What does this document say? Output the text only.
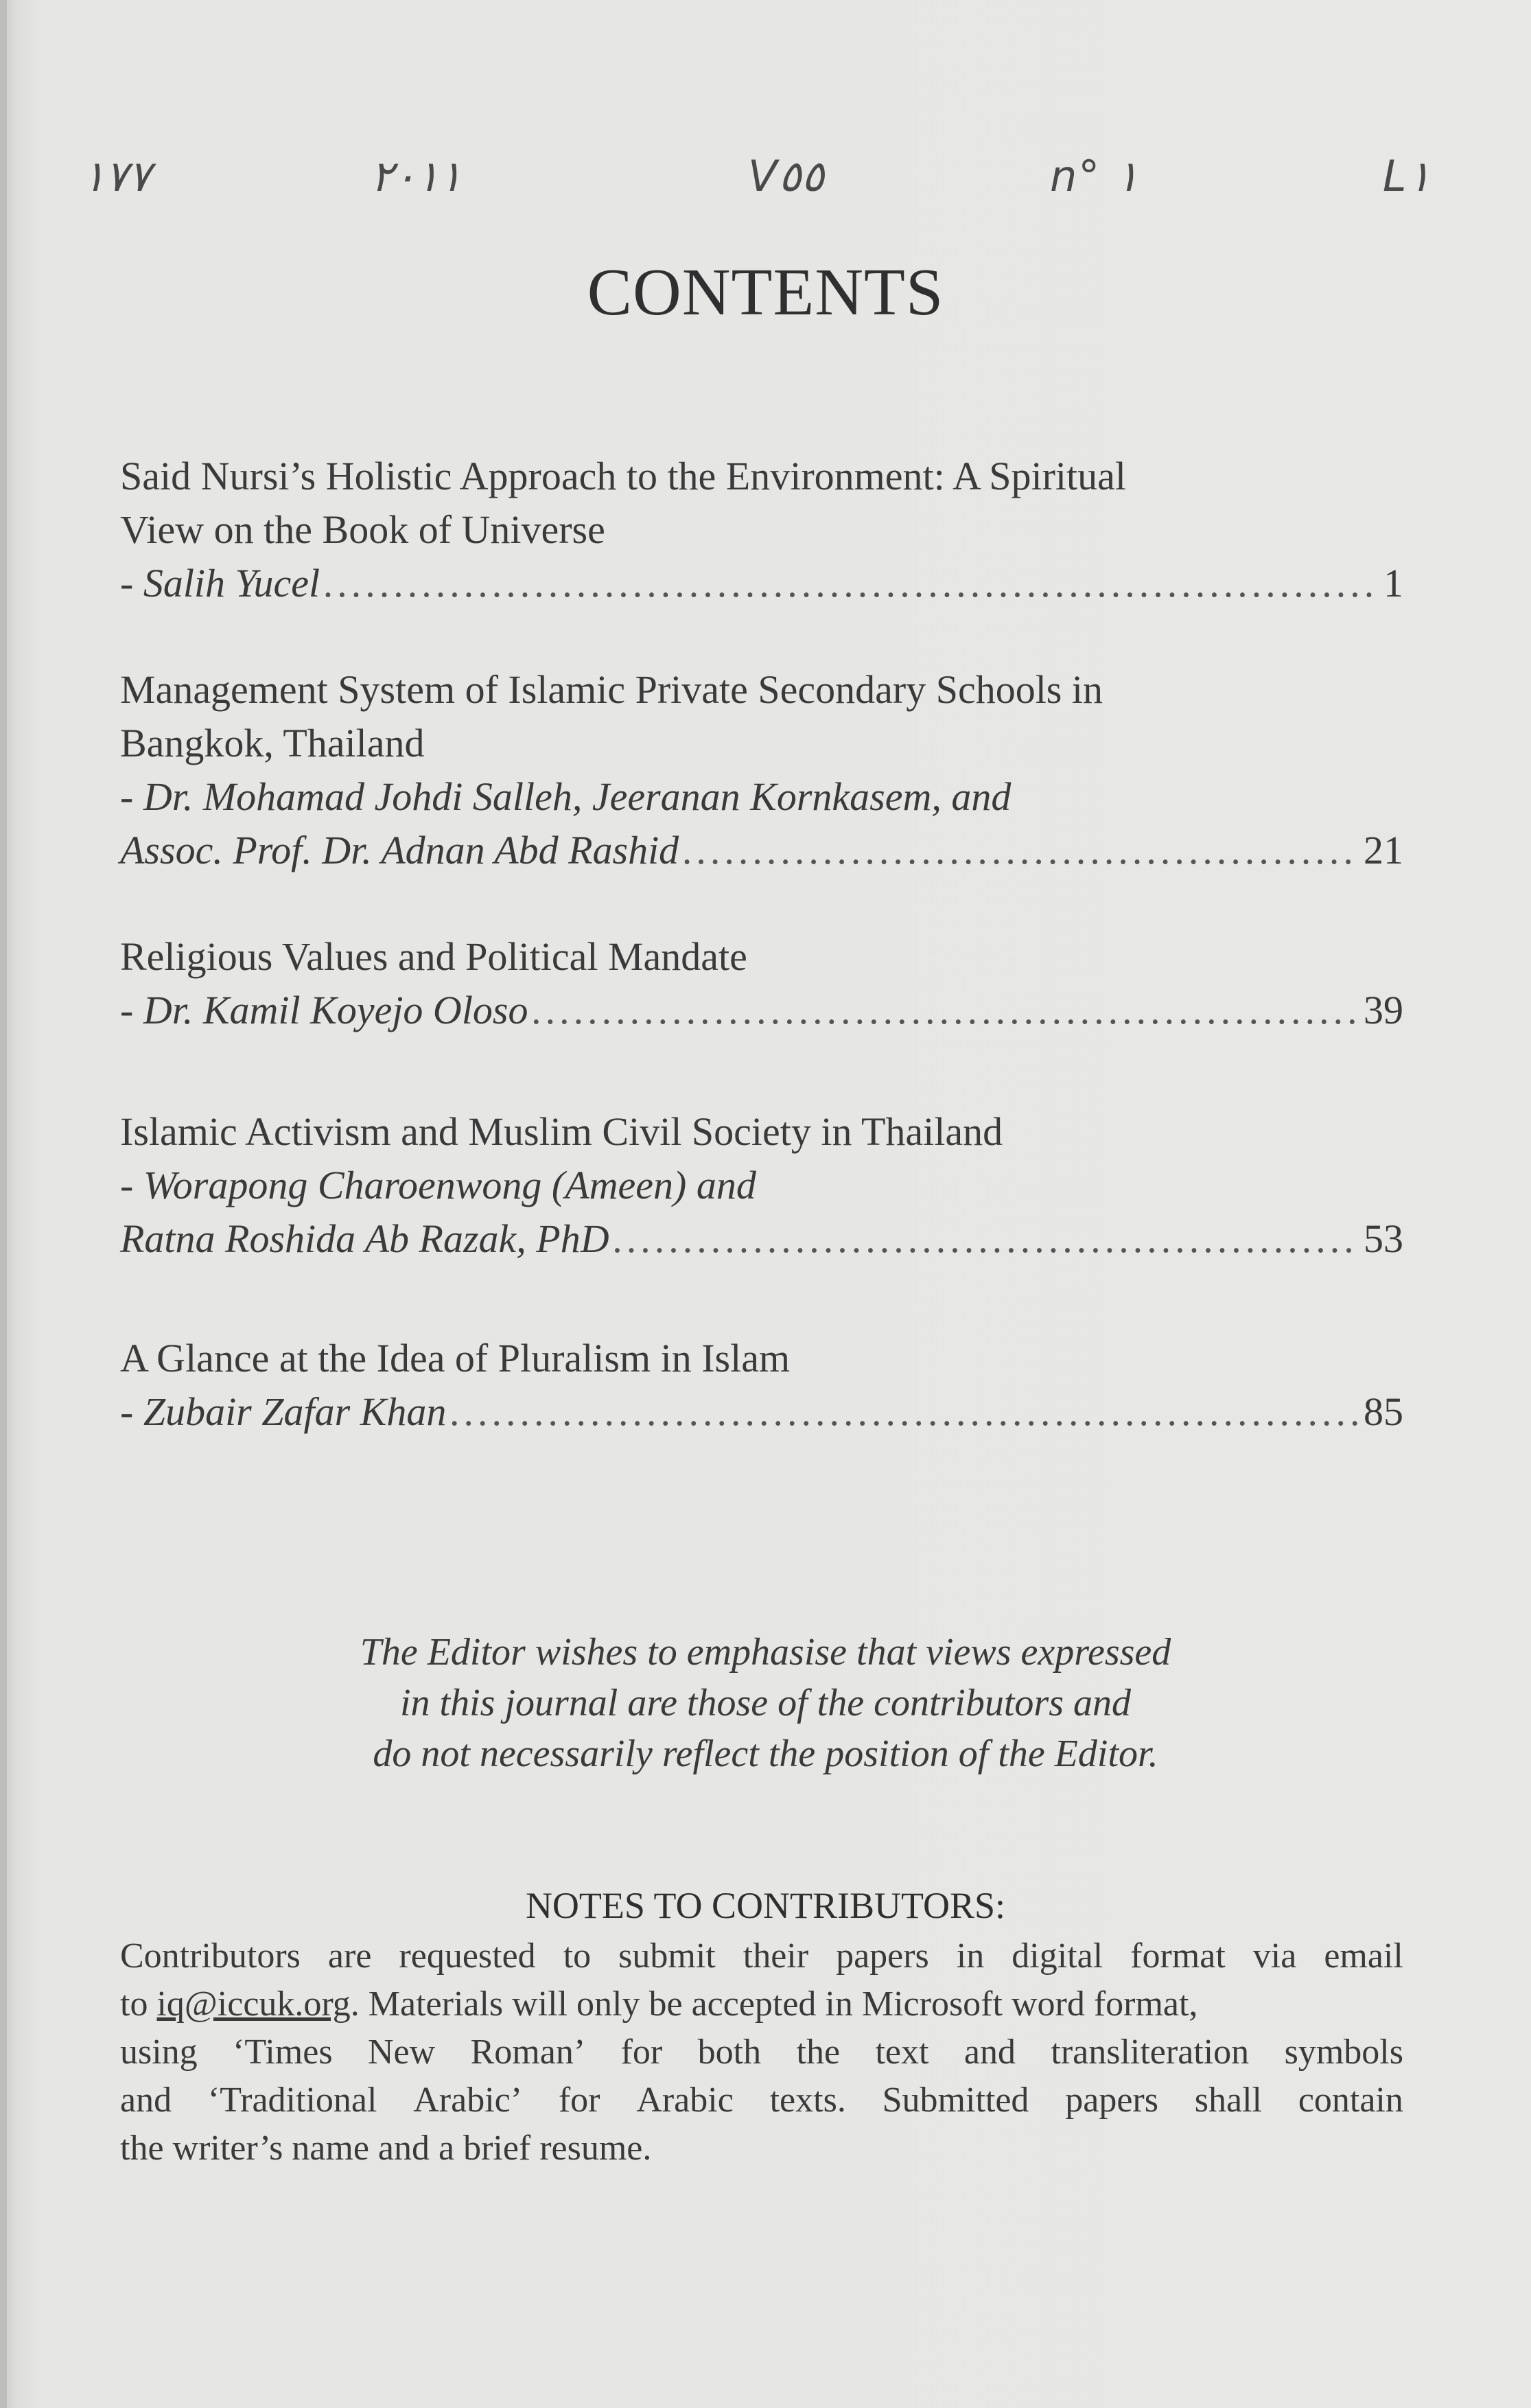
١٧٧	٢٠١١	V٥٥	n° ١	L١
CONTENTS
Said Nursi’s Holistic Approach to the Environment: A Spiritual
View on the Book of Universe
- Salih Yucel .....	1
Management System of Islamic Private Secondary Schools in
Bangkok, Thailand
- Dr. Mohamad Johdi Salleh, Jeeranan Kornkasem, and
Assoc. Prof. Dr. Adnan Abd Rashid .....	21
Religious Values and Political Mandate
- Dr. Kamil Koyejo Oloso .....	39
Islamic Activism and Muslim Civil Society in Thailand
- Worapong Charoenwong (Ameen) and
Ratna Roshida Ab Razak, PhD .....	53
A Glance at the Idea of Pluralism in Islam
- Zubair Zafar Khan .....	85
The Editor wishes to emphasise that views expressed
in this journal are those of the contributors and
do not necessarily reflect the position of the Editor.
NOTES TO CONTRIBUTORS:
Contributors are requested to submit their papers in digital format via email
to iq@iccuk.org. Materials will only be accepted in Microsoft word format,
using ‘Times New Roman’ for both the text and transliteration symbols
and ‘Traditional Arabic’ for Arabic texts. Submitted papers shall contain
the writer’s name and a brief resume.
